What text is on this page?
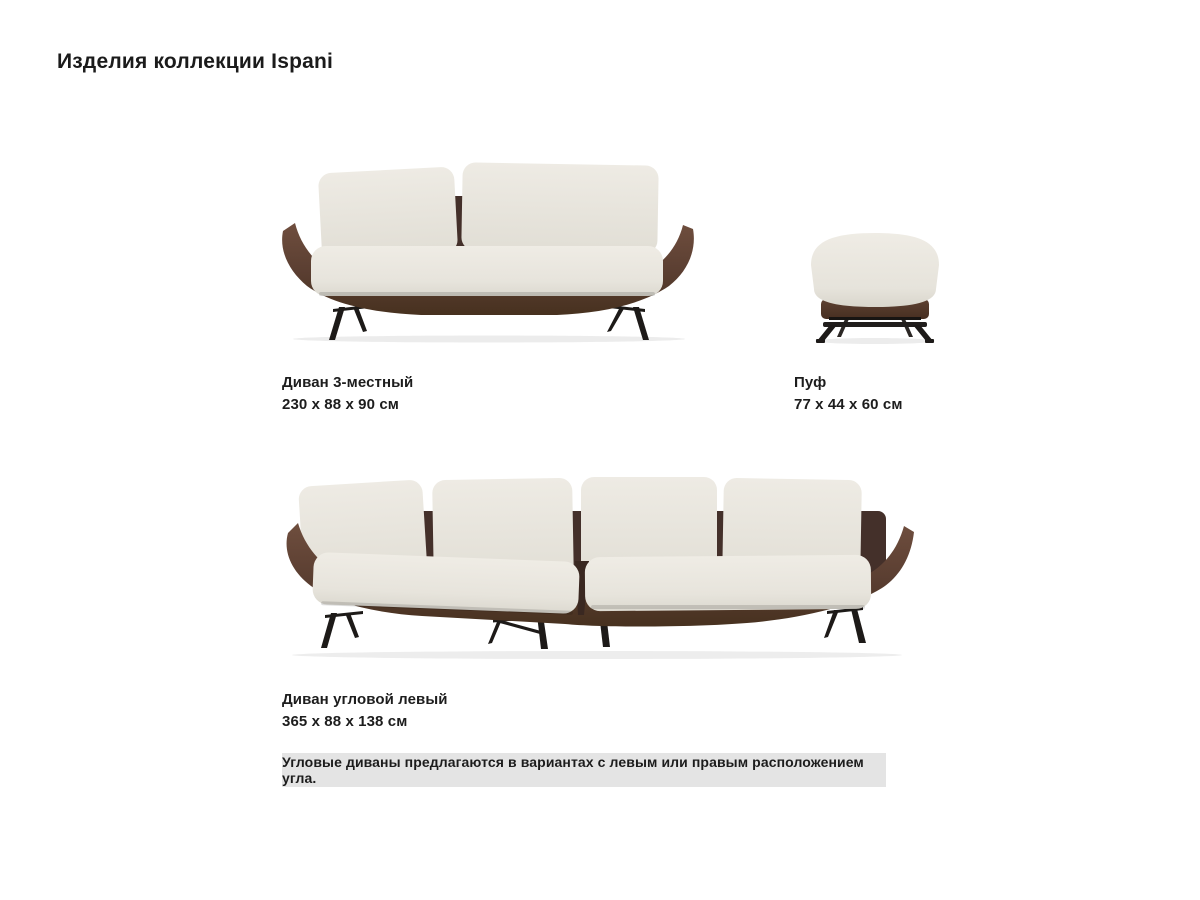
Изделия коллекции Ispani
Диван 3-местный
230 x 88 x 90 см
Пуф
77 x 44 x 60 см
Диван угловой левый
365 x 88 x 138 см
Угловые диваны предлагаются в вариантах с левым или правым расположением угла.
